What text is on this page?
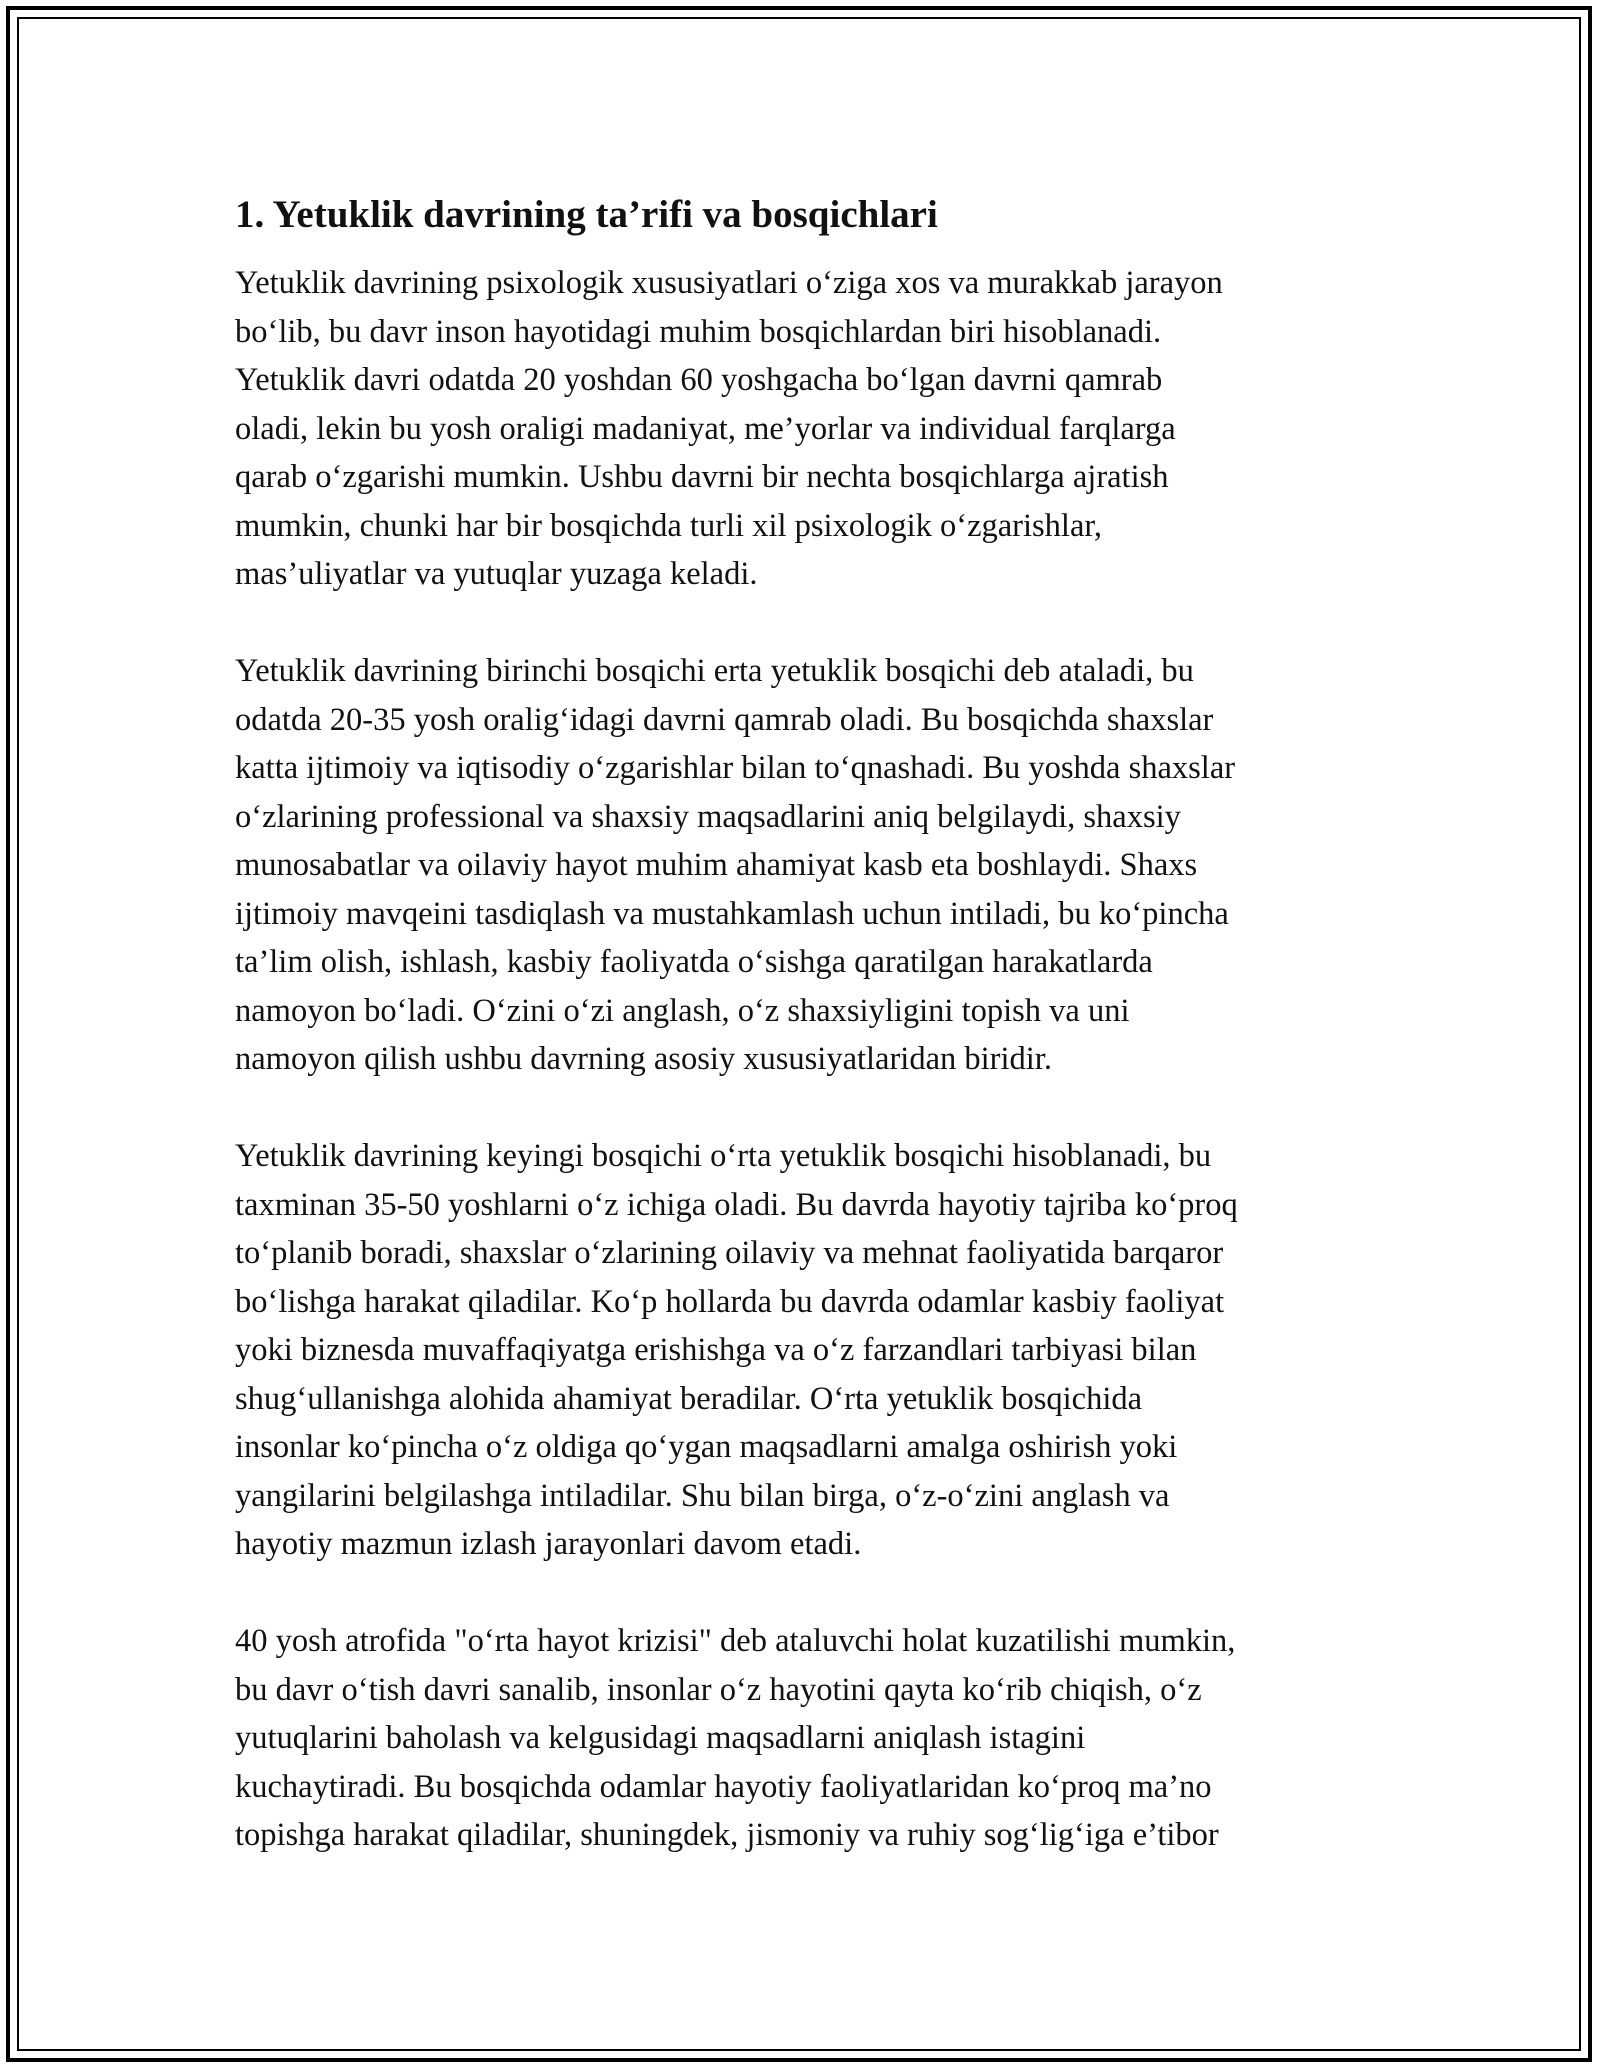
1. Yetuklik davrining ta’rifi va bosqichlari

Yetuklik davrining psixologik xususiyatlari o‘ziga xos va murakkab jarayon
bo‘lib, bu davr inson hayotidagi muhim bosqichlardan biri hisoblanadi.
Yetuklik davri odatda 20 yoshdan 60 yoshgacha bo‘lgan davrni qamrab
oladi, lekin bu yosh oraligi madaniyat, me’yorlar va individual farqlarga
qarab o‘zgarishi mumkin. Ushbu davrni bir nechta bosqichlarga ajratish
mumkin, chunki har bir bosqichda turli xil psixologik o‘zgarishlar,
mas’uliyatlar va yutuqlar yuzaga keladi.

Yetuklik davrining birinchi bosqichi erta yetuklik bosqichi deb ataladi, bu
odatda 20-35 yosh oralig‘idagi davrni qamrab oladi. Bu bosqichda shaxslar
katta ijtimoiy va iqtisodiy o‘zgarishlar bilan to‘qnashadi. Bu yoshda shaxslar
o‘zlarining professional va shaxsiy maqsadlarini aniq belgilaydi, shaxsiy
munosabatlar va oilaviy hayot muhim ahamiyat kasb eta boshlaydi. Shaxs
ijtimoiy mavqeini tasdiqlash va mustahkamlash uchun intiladi, bu ko‘pincha
ta’lim olish, ishlash, kasbiy faoliyatda o‘sishga qaratilgan harakatlarda
namoyon bo‘ladi. O‘zini o‘zi anglash, o‘z shaxsiyligini topish va uni
namoyon qilish ushbu davrning asosiy xususiyatlaridan biridir.

Yetuklik davrining keyingi bosqichi o‘rta yetuklik bosqichi hisoblanadi, bu
taxminan 35-50 yoshlarni o‘z ichiga oladi. Bu davrda hayotiy tajriba ko‘proq
to‘planib boradi, shaxslar o‘zlarining oilaviy va mehnat faoliyatida barqaror
bo‘lishga harakat qiladilar. Ko‘p hollarda bu davrda odamlar kasbiy faoliyat
yoki biznesda muvaffaqiyatga erishishga va o‘z farzandlari tarbiyasi bilan
shug‘ullanishga alohida ahamiyat beradilar. O‘rta yetuklik bosqichida
insonlar ko‘pincha o‘z oldiga qo‘ygan maqsadlarni amalga oshirish yoki
yangilarini belgilashga intiladilar. Shu bilan birga, o‘z-o‘zini anglash va
hayotiy mazmun izlash jarayonlari davom etadi.

40 yosh atrofida "o‘rta hayot krizisi" deb ataluvchi holat kuzatilishi mumkin,
bu davr o‘tish davri sanalib, insonlar o‘z hayotini qayta ko‘rib chiqish, o‘z
yutuqlarini baholash va kelgusidagi maqsadlarni aniqlash istagini
kuchaytiradi. Bu bosqichda odamlar hayotiy faoliyatlaridan ko‘proq ma’no
topishga harakat qiladilar, shuningdek, jismoniy va ruhiy sog‘lig‘iga e’tibor
